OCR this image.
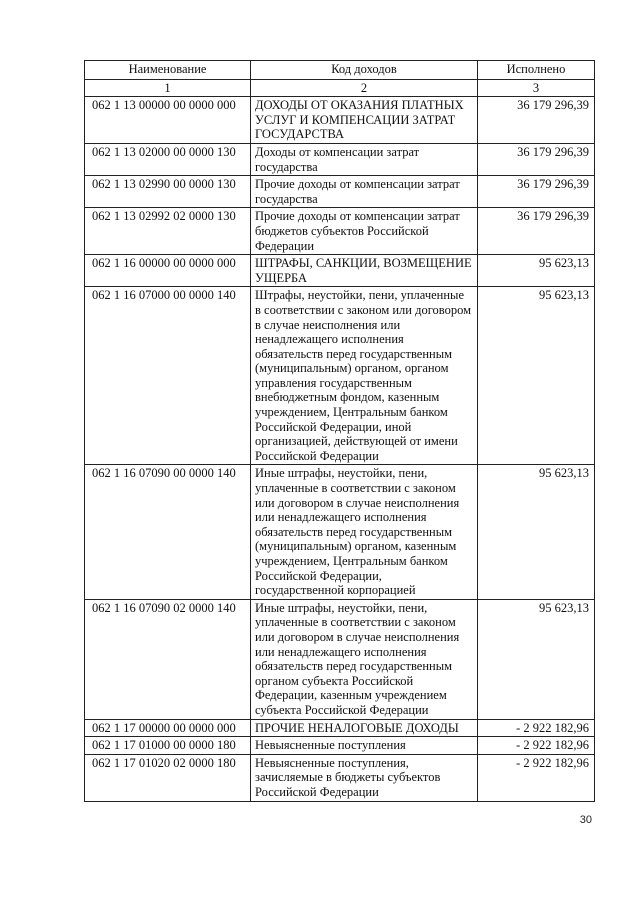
Наименование	Код доходов	Исполнено
1	2	3
062 1 13 00000 00 0000 000	ДОХОДЫ ОТ ОКАЗАНИЯ ПЛАТНЫХ УСЛУГ И КОМПЕНСАЦИИ ЗАТРАТ ГОСУДАРСТВА	36 179 296,39
062 1 13 02000 00 0000 130	Доходы от компенсации затрат государства	36 179 296,39
062 1 13 02990 00 0000 130	Прочие доходы от компенсации затрат государства	36 179 296,39
062 1 13 02992 02 0000 130	Прочие доходы от компенсации затрат бюджетов субъектов Российской Федерации	36 179 296,39
062 1 16 00000 00 0000 000	ШТРАФЫ, САНКЦИИ, ВОЗМЕЩЕНИЕ УЩЕРБА	95 623,13
062 1 16 07000 00 0000 140	Штрафы, неустойки, пени, уплаченные в соответствии с законом или договором в случае неисполнения или ненадлежащего исполнения обязательств перед государственным (муниципальным) органом, органом управления государственным внебюджетным фондом, казенным учреждением, Центральным банком Российской Федерации, иной организацией, действующей от имени Российской Федерации	95 623,13
062 1 16 07090 00 0000 140	Иные штрафы, неустойки, пени, уплаченные в соответствии с законом или договором в случае неисполнения или ненадлежащего исполнения обязательств перед государственным (муниципальным) органом, казенным учреждением, Центральным банком Российской Федерации, государственной корпорацией	95 623,13
062 1 16 07090 02 0000 140	Иные штрафы, неустойки, пени, уплаченные в соответствии с законом или договором в случае неисполнения или ненадлежащего исполнения обязательств перед государственным органом субъекта Российской Федерации, казенным учреждением субъекта Российской Федерации	95 623,13
062 1 17 00000 00 0000 000	ПРОЧИЕ НЕНАЛОГОВЫЕ ДОХОДЫ	- 2 922 182,96
062 1 17 01000 00 0000 180	Невыясненные поступления	- 2 922 182,96
062 1 17 01020 02 0000 180	Невыясненные поступления, зачисляемые в бюджеты субъектов Российской Федерации	- 2 922 182,96
30
